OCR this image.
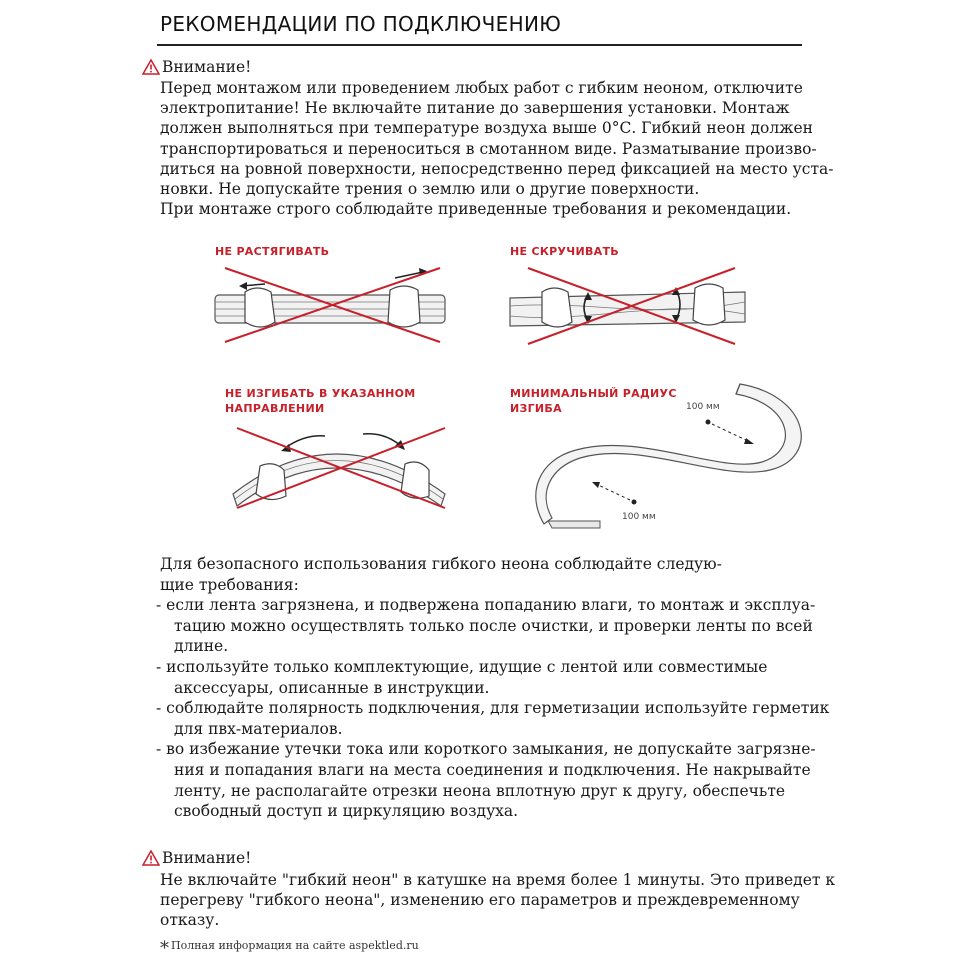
РЕКОМЕНДАЦИИ ПО ПОДКЛЮЧЕНИЮ
Внимание!

Перед монтажом или проведением любых работ с гибким неоном, отключите
электропитание! Не включайте питание до завершения установки. Монтаж
должен выполняться при температуре воздуха выше 0°С. Гибкий неон должен
транспортироваться и переноситься в смотанном виде. Разматывание произво-
диться на ровной поверхности, непосредственно перед фиксацией на место уста-
новки. Не допускайте трения о землю или о другие поверхности.
При монтаже строго соблюдайте приведенные требования и рекомендации.

НЕ РАСТЯГИВАТЬ	НЕ СКРУЧИВАТЬ
НЕ ИЗГИБАТЬ В УКАЗАННОМ
НАПРАВЛЕНИИ
МИНИМАЛЬНЫЙ РАДИУС
ИЗГИБА	100 мм
100 мм
Для безопасного использования гибкого неона соблюдайте следую-
щие требования:
- если лента загрязнена, и подвержена попаданию влаги, то монтаж и эксплуа-
тацию можно осуществлять только после очистки, и проверки ленты по всей
длине.
- используйте только комплектующие, идущие с лентой или совместимые
аксессуары, описанные в инструкции.
- соблюдайте полярность подключения, для герметизации используйте герметик
для пвх-материалов.
- во избежание утечки тока или короткого замыкания, не допускайте загрязне-
ния и попадания влаги на места соединения и подключения. Не накрывайте
ленту, не располагайте отрезки неона вплотную друг к другу, обеспечьте
свободный доступ и циркуляцию воздуха.
Внимание!

Не включайте "гибкий неон" в катушке на время более 1 минуты. Это приведет к
перегреву "гибкого неона", изменению его параметров и преждевременному
отказу.

* Полная информация на сайте aspektled.ru
